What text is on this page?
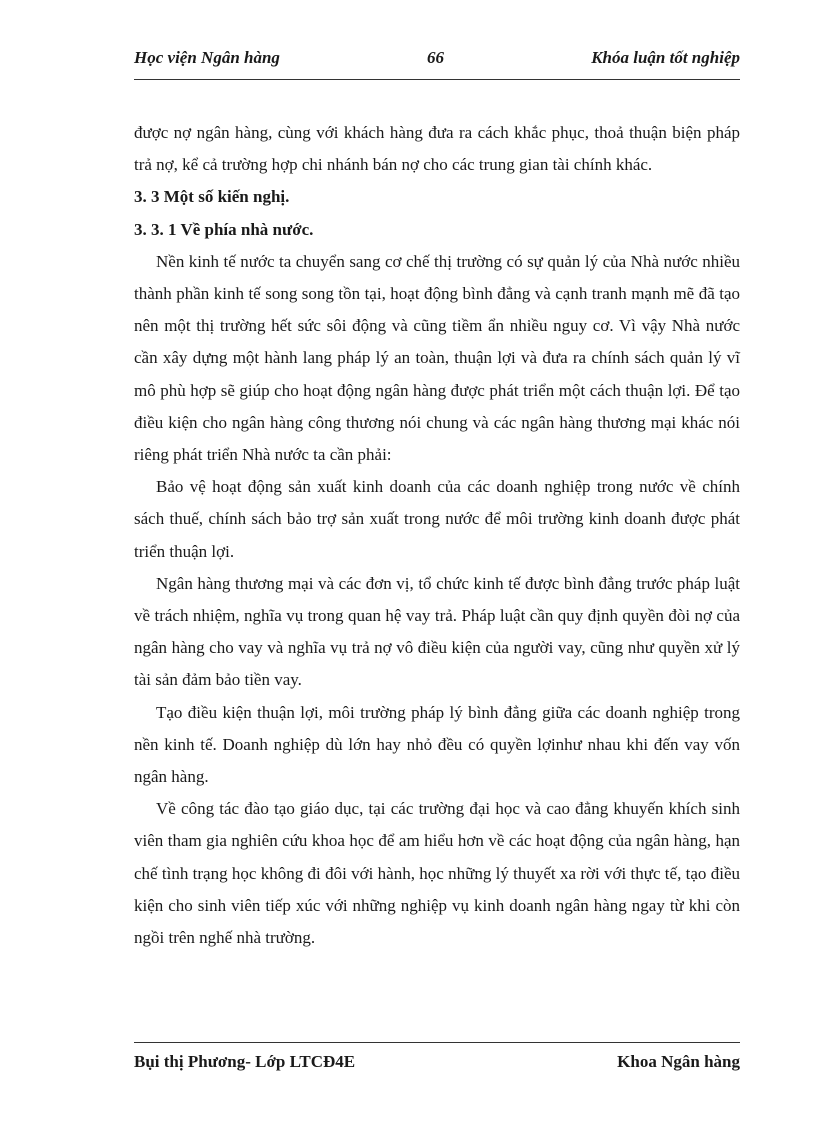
Học viện Ngân hàng	66	Khóa luận tốt nghiệp

được nợ ngân hàng, cùng với khách hàng đưa ra cách khắc phục, thoả thuận biện pháp trả nợ, kể cả trường hợp chi nhánh bán nợ cho các trung gian tài chính khác.

3. 3 Một số kiến nghị.

3. 3. 1 Về phía nhà nước.

Nền kinh tế nước ta chuyển sang cơ chế thị trường có sự quản lý của Nhà nước nhiều thành phần kinh tế song song tồn tại, hoạt động bình đẳng và cạnh tranh mạnh mẽ đã tạo nên một thị trường hết sức sôi động và cũng tiềm ẩn nhiều nguy cơ. Vì vậy Nhà nước cần xây dựng một hành lang pháp lý an toàn, thuận lợi và đưa ra chính sách quản lý vĩ mô phù hợp sẽ giúp cho hoạt động ngân hàng được phát triển một cách thuận lợi. Để tạo điều kiện cho ngân hàng công thương nói chung và các ngân hàng thương mại khác nói riêng phát triển Nhà nước ta cần phải:

Bảo vệ hoạt động sản xuất kinh doanh của các doanh nghiệp trong nước về chính sách thuế, chính sách bảo trợ sản xuất trong nước để môi trường kinh doanh được phát triển thuận lợi.

Ngân hàng thương mại và các đơn vị, tổ chức kinh tế được bình đẳng trước pháp luật về trách nhiệm, nghĩa vụ trong quan hệ vay trả. Pháp luật cần quy định quyền đòi nợ của ngân hàng cho vay và nghĩa vụ trả nợ vô điều kiện của người vay, cũng như quyền xử lý tài sản đảm bảo tiền vay.

Tạo điều kiện thuận lợi, môi trường pháp lý bình đẳng giữa các doanh nghiệp trong nền kinh tế. Doanh nghiệp dù lớn hay nhỏ đều có quyền lợinhư nhau khi đến vay vốn ngân hàng.

Về công tác đào tạo giáo dục, tại các trường đại học và cao đẳng khuyến khích sinh viên tham gia nghiên cứu khoa học để am hiểu hơn về các hoạt động của ngân hàng, hạn chế tình trạng học không đi đôi với hành, học những lý thuyết xa rời với thực tế, tạo điều kiện cho sinh viên tiếp xúc với những nghiệp vụ kinh doanh ngân hàng ngay từ khi còn ngồi trên nghế nhà trường.

Bụi thị Phương- Lớp LTCĐ4E	Khoa Ngân hàng
